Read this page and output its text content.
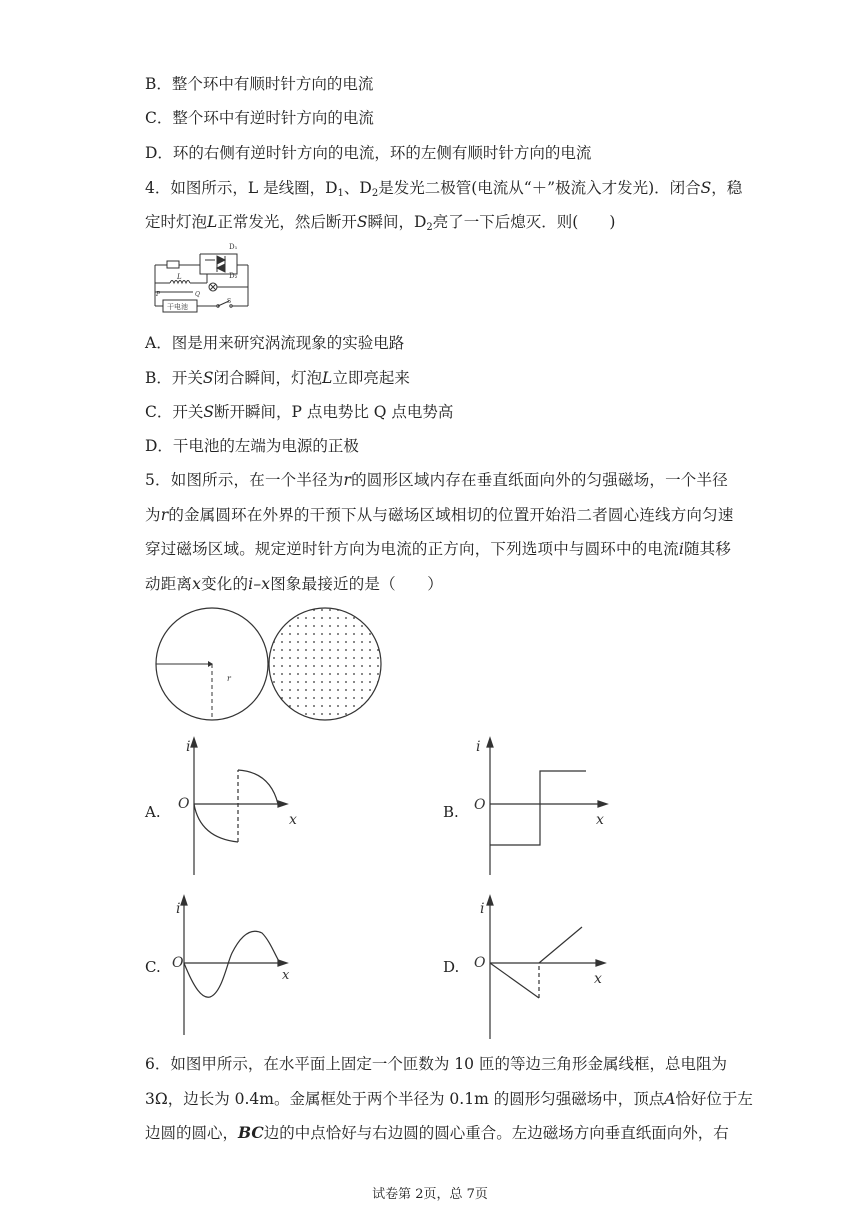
B．整个环中有顺时针方向的电流
C．整个环中有逆时针方向的电流
D．环的右侧有逆时针方向的电流，环的左侧有顺时针方向的电流
4．如图所示，L 是线圈，$D_1$、$D_2$是发光二极管(电流从“＋”极流入才发光)．闭合S，稳
定时灯泡L正常发光，然后断开S瞬间，$D_2$亮了一下后熄灭．则(　　)
D₁
D₂
L
P	Q
S
干电池
A．图是用来研究涡流现象的实验电路
B．开关S闭合瞬间，灯泡L立即亮起来
C．开关S断开瞬间，P 点电势比 Q 点电势高
D．干电池的左端为电源的正极
5．如图所示，在一个半径为r的圆形区域内存在垂直纸面向外的匀强磁场，一个半径
为r的金属圆环在外界的干预下从与磁场区域相切的位置开始沿二者圆心连线方向匀速
穿过磁场区域。规定逆时针方向为电流的正方向，下列选项中与圆环中的电流i随其移
动距离x变化的i–x图象最接近的是（　　）
r
A.
i
O
x	B.
i
O
x
C.
i
O
x	D.
i
O
x
6．如图甲所示，在水平面上固定一个匝数为 10 匝的等边三角形金属线框，总电阻为
3Ω，边长为 0.4m。金属框处于两个半径为 0.1m 的圆形匀强磁场中，顶点A恰好位于左
边圆的圆心，BC边的中点恰好与右边圆的圆心重合。左边磁场方向垂直纸面向外，右
试卷第 2页，总 7页
